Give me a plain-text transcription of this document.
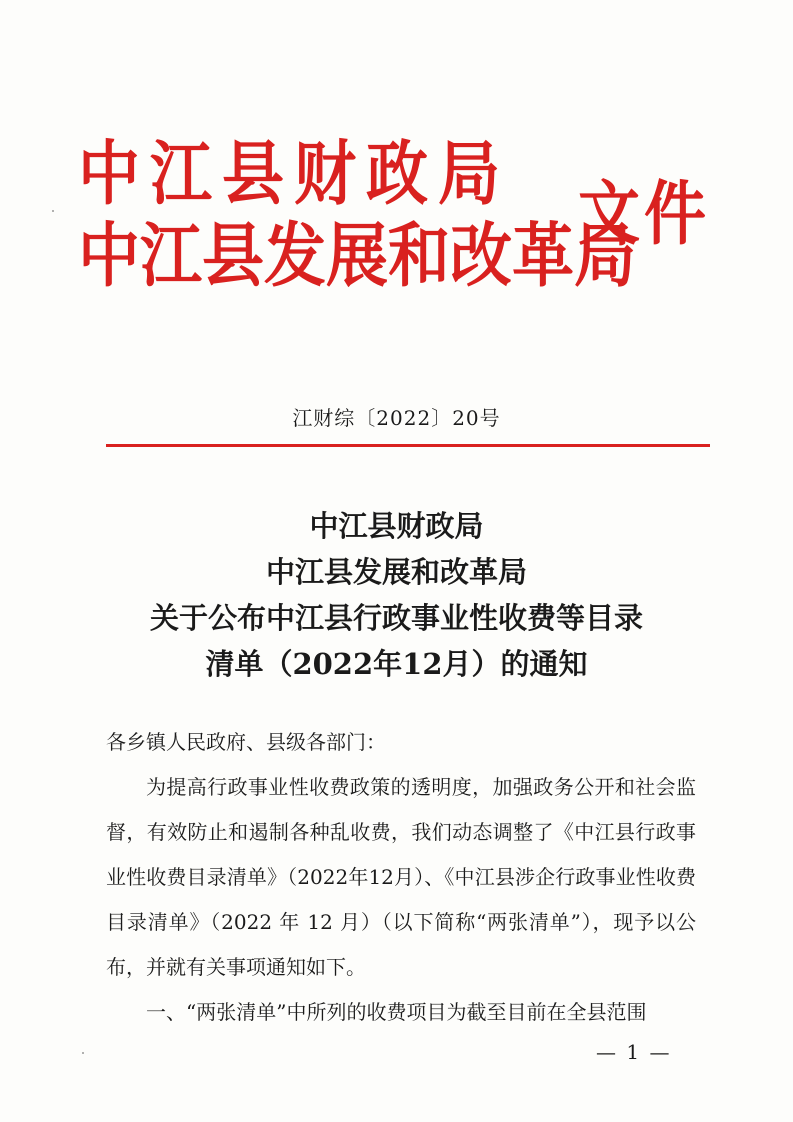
中江县财政局
中江县发展和改革局
文件
江财综〔2022〕20号
中江县财政局
中江县发展和改革局
关于公布中江县行政事业性收费等目录
清单（2022年12月）的通知
各乡镇人民政府、县级各部门：
为提高行政事业性收费政策的透明度，加强政务公开和社会监督，有效防止和遏制各种乱收费，我们动态调整了《中江县行政事业性收费目录清单》（2022年12月）、《中江县涉企行政事业性收费目录清单》（2022 年 12 月）（以下简称“两张清单”），现予以公布，并就有关事项通知如下。
一、“两张清单”中所列的收费项目为截至目前在全县范围
— 1 —
